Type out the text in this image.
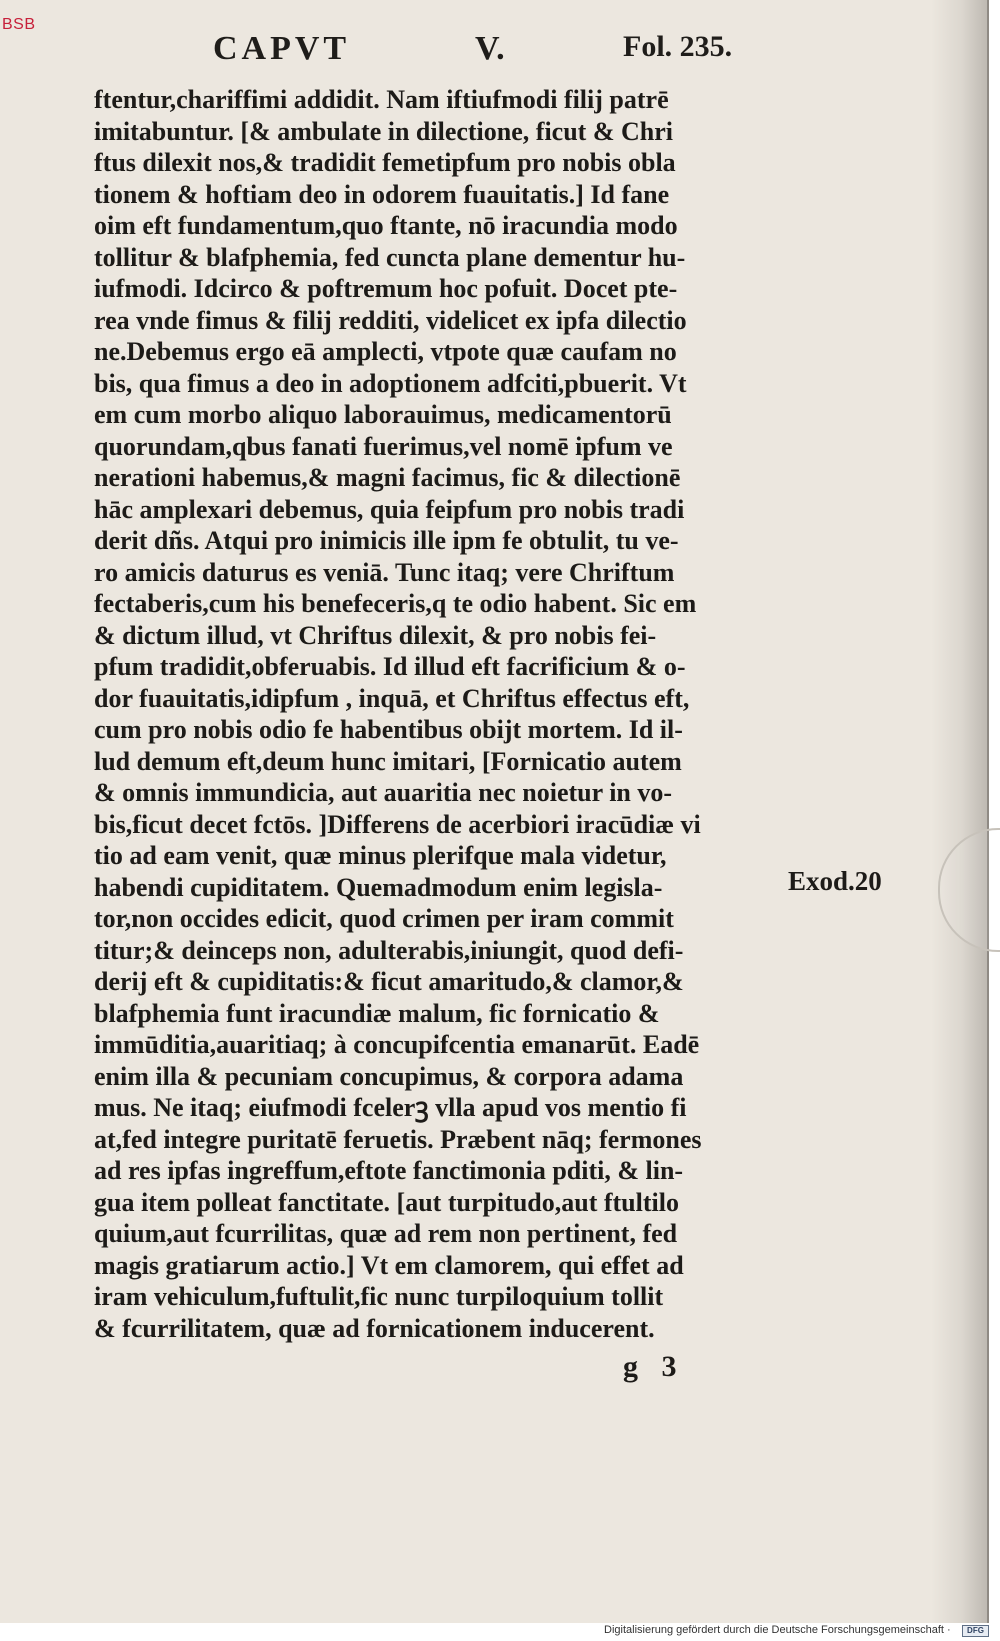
BSB
CAPVT	V.	Fol. 235.
ftentur,chariffimi addidit. Nam iftiufmodi filij patrē
imitabuntur. [& ambulate in dilectione, ficut & Chri
ftus dilexit nos,& tradidit femetipfum pro nobis obla
tionem & hoftiam deo in odorem fuauitatis.] Id fane
oim eft fundamentum,quo ftante, nō iracundia modo
tollitur & blafphemia, fed cuncta plane dementur hu-
iufmodi. Idcirco & poftremum hoc pofuit. Docet pte-
rea vnde fimus & filij redditi, videlicet ex ipfa dilectio
ne.Debemus ergo eā amplecti, vtpote quæ caufam no
bis, qua fimus a deo in adoptionem adfciti,pbuerit. Vt
em cum morbo aliquo laborauimus, medicamentorū
quorundam,qbus fanati fuerimus,vel nomē ipfum ve
nerationi habemus,& magni facimus, fic & dilectionē
hāc amplexari debemus, quia feipfum pro nobis tradi
derit dñs. Atqui pro inimicis ille ipm fe obtulit, tu ve-
ro amicis daturus es veniā. Tunc itaq; vere Chriftum
fectaberis,cum his benefeceris,q te odio habent. Sic em
& dictum illud, vt Chriftus dilexit, & pro nobis fei-
pfum tradidit,obferuabis. Id illud eft facrificium & o-
dor fuauitatis,idipfum , inquā, et Chriftus effectus eft,
cum pro nobis odio fe habentibus obijt mortem. Id il-
lud demum eft,deum hunc imitari, [Fornicatio autem
& omnis immundicia, aut auaritia nec noietur in vo-
bis,ficut decet fctōs. ]Differens de acerbiori iracūdiæ vi
tio ad eam venit, quæ minus plerifque mala videtur,
habendi cupiditatem. Quemadmodum enim legisla-
tor,non occides edicit, quod crimen per iram commit
titur;& deinceps non, adulterabis,iniungit, quod defi-
derij eft & cupiditatis:& ficut amaritudo,& clamor,&
blafphemia funt iracundiæ malum, fic fornicatio &
immūditia,auaritiaq; à concupifcentia emanarūt. Eadē
enim illa & pecuniam concupimus, & corpora adama
mus. Ne itaq; eiufmodi fcelerꝫ vlla apud vos mentio fi
at,fed integre puritatē feruetis. Præbent nāq; fermones
ad res ipfas ingreffum,eftote fanctimonia pditi, & lin-
gua item polleat fanctitate. [aut turpitudo,aut ftultilo
quium,aut fcurrilitas, quæ ad rem non pertinent, fed
magis gratiarum actio.] Vt em clamorem, qui effet ad
iram vehiculum,fuftulit,fic nunc turpiloquium tollit
& fcurrilitatem, quæ ad fornicationem inducerent.
Exod.20
g 3
Digitalisierung gefördert durch die Deutsche Forschungsgemeinschaft ·	DFG
